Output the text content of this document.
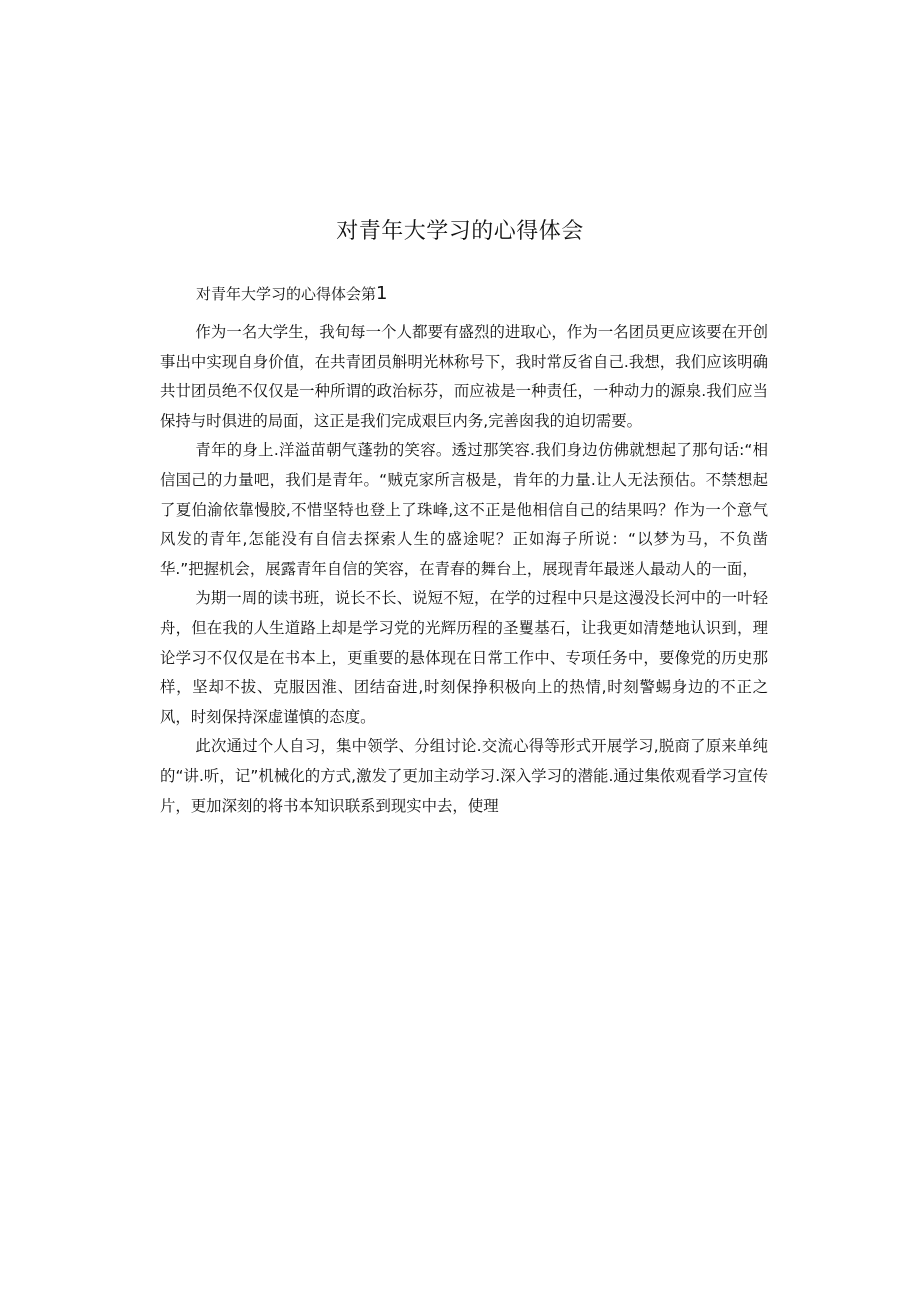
对青年大学习的心得体会

对青年大学习的心得体会第1

作为一名大学生，我旬每一个人都要有盛烈的进取心，作为一名团员更应该要在开创事出中实现自身价值，在共青团员斛明光林称号下，我时常反省自己.我想，我们应该明确共廿团员绝不仅仅是一种所谓的政治标芬，而应祓是一种责任，一种动力的源泉.我们应当保持与时俱进的局面，这正是我们完成艰巨内务,完善囱我的迫切需要。

青年的身上.洋溢苗朝气蓬勃的笑容。透过那笑容.我们身边仿佛就想起了那句话:“相信国己的力量吧，我们是青年。“贼克家所言极是，肯年的力量.让人无法预估。不禁想起了夏伯渝依靠慢胶,不惜坚特也登上了珠峰,这不正是他相信自己的结果吗？作为一个意气风发的青年,怎能没有自信去探索人生的盛途呢？正如海子所说：“以梦为马，不负凿华.”把握机会，展露青年自信的笑容，在青春的舞台上，展现青年最迷人最动人的一面，

为期一周的读书班，说长不长、说短不短，在学的过程中只是这漫没长河中的一叶轻舟，但在我的人生道路上却是学习党的光辉历程的圣矍基石，让我更如清楚地认识到，理论学习不仅仅是在书本上，更重要的悬体现在日常工作中、专项任务中，要像党的历史那样，坚却不拔、克服因淮、团结奋进,时刻保挣积极向上的热情,时刻警蜴身边的不正之风，时刻保持深虚谨慎的态度。

此次通过个人自习，集中领学、分组讨论.交流心得等形式开展学习,脱商了原来单纯的“讲.听，记”机械化的方式,激发了更加主动学习.深入学习的潜能.通过集侬观看学习宣传片，更加深刻的将书本知识联系到现实中去，使理
